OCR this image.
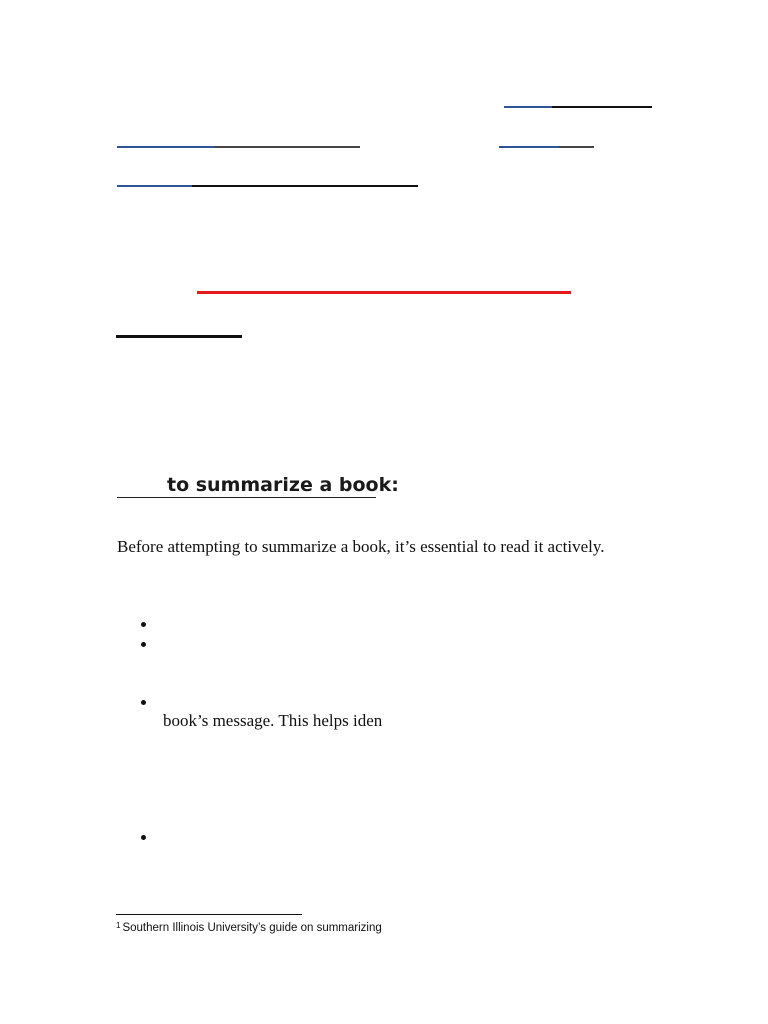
to summarize a book:
Before attempting to summarize a book, it’s essential to read it actively.
book’s message. This helps iden
$^1$ Southern Illinois University’s guide on summarizing
